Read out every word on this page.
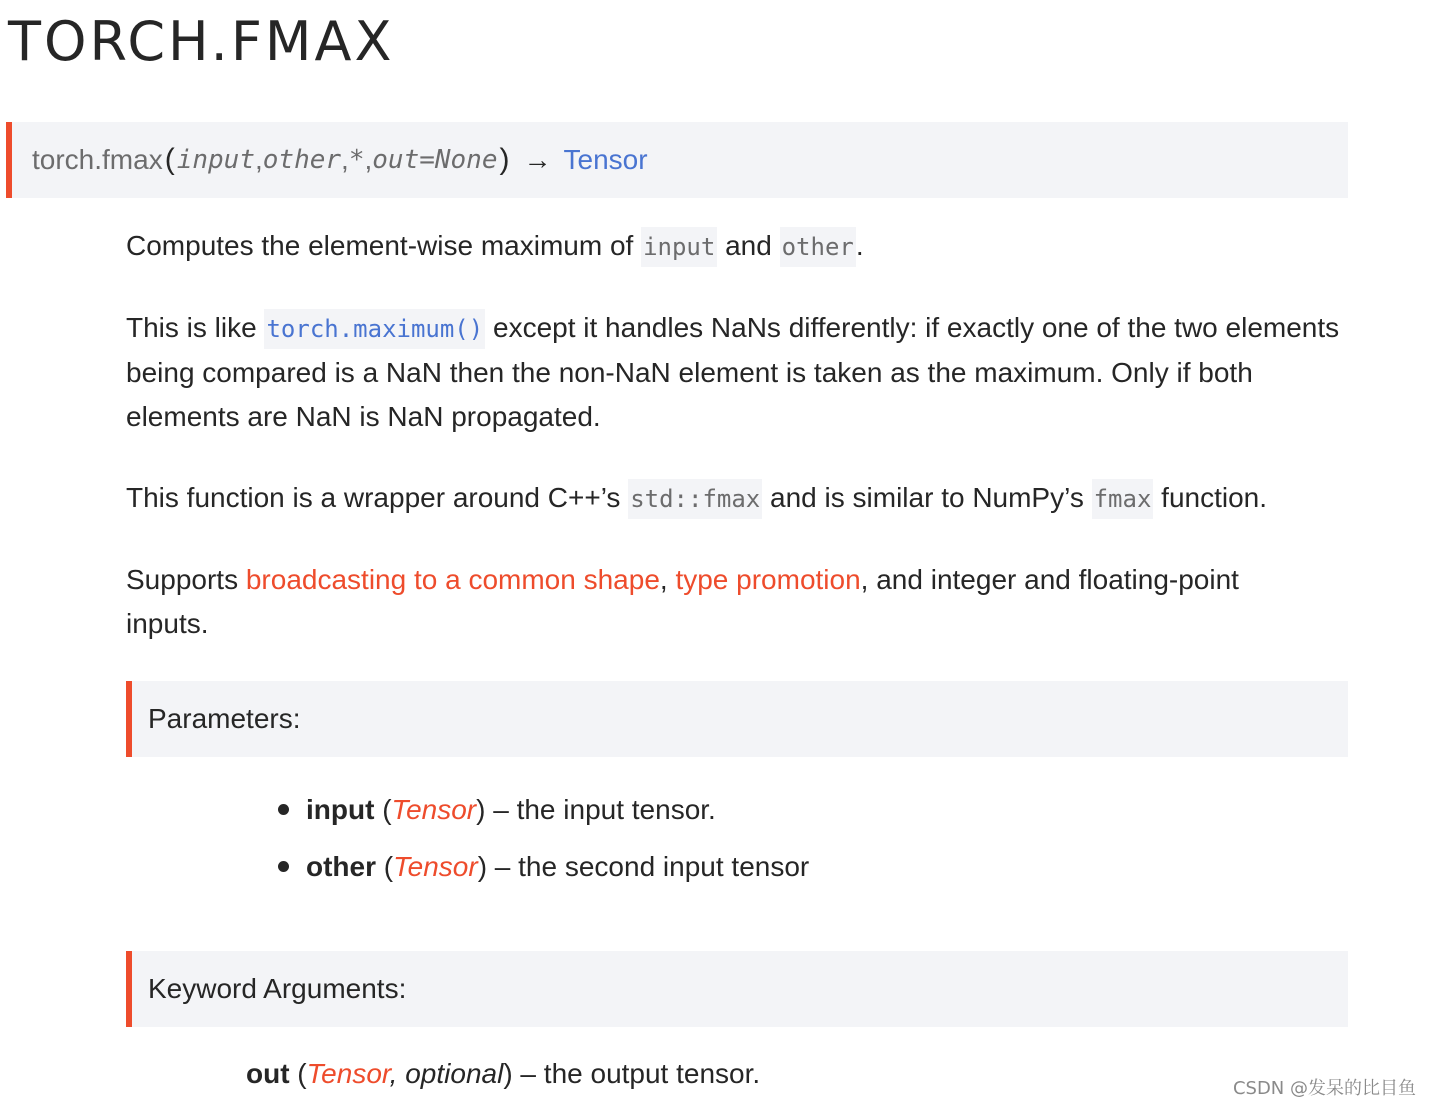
TORCH.FMAX
torch.fmax ( input , other , * , out=None ) → Tensor

Computes the element-wise maximum of input and other.

This is like torch.maximum() except it handles NaNs differently: if exactly one of the two elements being compared is a NaN then the non-NaN element is taken as the maximum. Only if both elements are NaN is NaN propagated.

This function is a wrapper around C++’s std::fmax and is similar to NumPy’s fmax function.

Supports broadcasting to a common shape, type promotion, and integer and floating-point inputs.

Parameters:
input (Tensor) – the input tensor.
other (Tensor) – the second input tensor
Keyword Arguments:
out (Tensor, optional) – the output tensor.	CSDN @发呆的比目鱼
